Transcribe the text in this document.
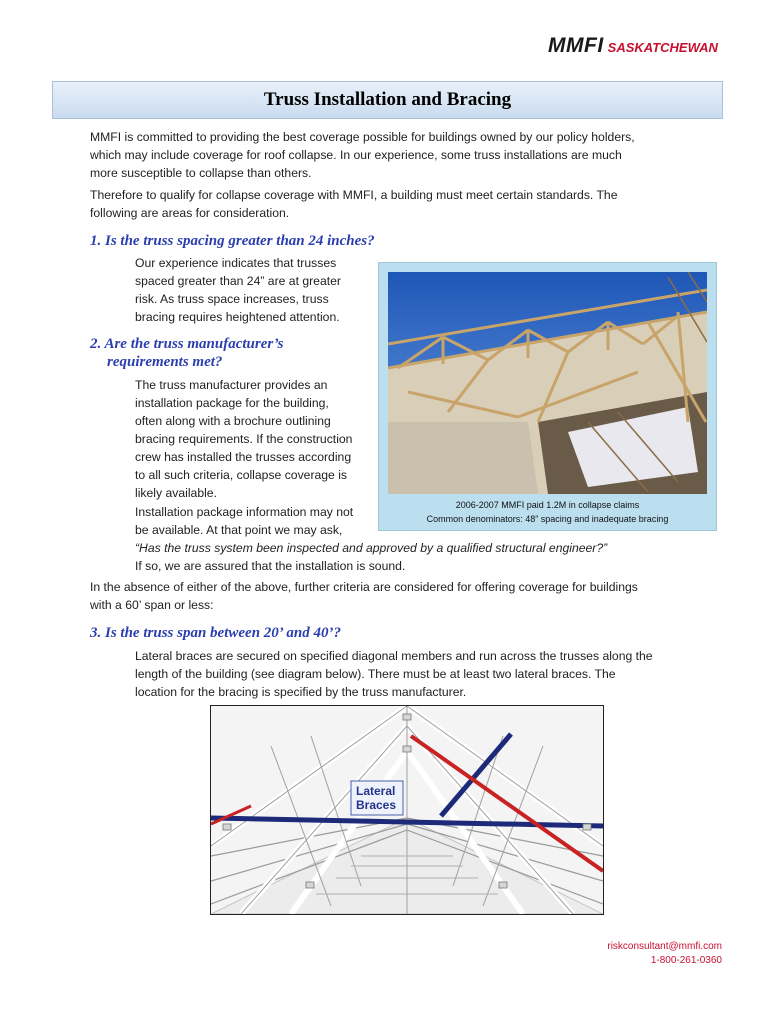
MMFI SASKATCHEWAN
Truss Installation and Bracing
MMFI is committed to providing the best coverage possible for buildings owned by our policy holders,
which may include coverage for roof collapse. In our experience, some truss installations are much
more susceptible to collapse than others.
Therefore to qualify for collapse coverage with MMFI, a building must meet certain standards. The
following are areas for consideration.
1. Is the truss spacing greater than 24 inches?
Our experience indicates that trusses
spaced greater than 24” are at greater
risk. As truss space increases, truss
bracing requires heightened attention.
2. Are the truss manufacturer’s
requirements met?
The truss manufacturer provides an
installation package for the building,
often along with a brochure outlining
bracing requirements. If the construction
crew has installed the trusses according
to all such criteria, collapse coverage is
likely available.
Installation package information may not
be available. At that point we may ask,
“Has the truss system been inspected and approved by a qualified structural engineer?”
If so, we are assured that the installation is sound.
2006-2007 MMFI paid 1.2M in collapse claims
Common denominators: 48” spacing and inadequate bracing
In the absence of either of the above, further criteria are considered for offering coverage for buildings
with a 60’ span or less:
3. Is the truss span between 20’ and 40’?
Lateral braces are secured on specified diagonal members and run across the trusses along the
length of the building (see diagram below). There must be at least two lateral braces. The
location for the bracing is specified by the truss manufacturer.
Lateral
Braces
riskconsultant@mmfi.com
1-800-261-0360
